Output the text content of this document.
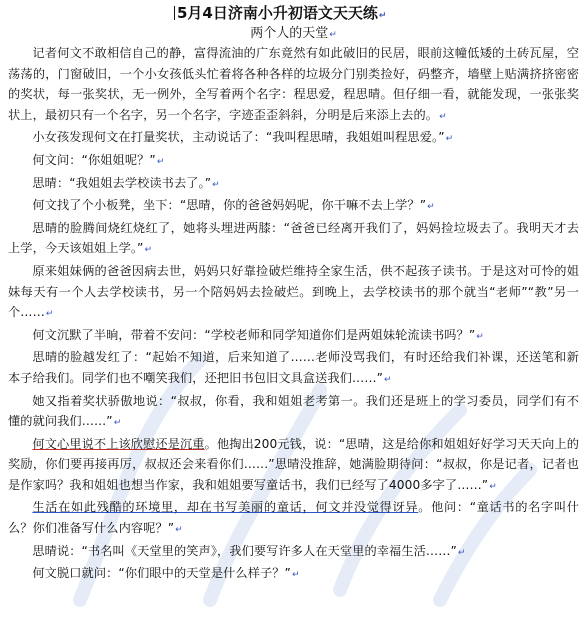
5月4日济南小升初语文天天练↵
两个人的天堂↵

记者何文不敢相信自己的静，富得流油的广东竟然有如此破旧的民居，眼前这幢低矮的土砖瓦屋，空荡荡的，门窗破旧，一个小女孩低头忙着将各种各样的垃圾分门别类捡好，码整齐，墙壁上贴满挤挤密密的奖状，每一张奖状，无一例外，全写着两个名字：程思爱，程思晴。但仔细一看，就能发现，一张张奖状上，最初只有一个名字，另一个名字，字迹歪歪斜斜，分明是后来添上去的。↵

小女孩发现何文在打量奖状，主动说话了：“我叫程思晴，我姐姐叫程思爱。”↵

何文问：“你姐姐呢？”↵

思晴：“我姐姐去学校读书去了。”↵

何文找了个小板凳，坐下：“思晴，你的爸爸妈妈呢，你干嘛不去上学？”↵

思晴的脸腾间烧红烧红了，她将头埋进两膝：“爸爸已经离开我们了，妈妈捡垃圾去了。我明天才去上学，今天该姐姐上学。”↵

原来姐妹俩的爸爸因病去世，妈妈只好靠捡破烂维持全家生活，供不起孩子读书。于是这对可怜的姐妹每天有一个人去学校读书，另一个陪妈妈去捡破烂。到晚上，去学校读书的那个就当“老师”“教”另一个……↵

何文沉默了半晌，带着不安问：“学校老师和同学知道你们是两姐妹轮流读书吗？”↵

思晴的脸越发红了：“起始不知道，后来知道了……老师没骂我们，有时还给我们补课，还送笔和新本子给我们。同学们也不嘲笑我们，还把旧书包旧文具盒送我们……”↵

她又指着奖状骄傲地说：“叔叔，你看，我和姐姐老考第一。我们还是班上的学习委员，同学们有不懂的就问我们……”↵

何文心里说不上该欣慰还是沉重。他掏出200元钱，说：“思晴，这是给你和姐姐好好学习天天向上的奖励，你们要再接再厉，叔叔还会来看你们……”思晴没推辞，她满脸期待问：“叔叔，你是记者，记者也是作家吗？我和姐姐也想当作家，我和姐姐要写童话书，我们已经写了4000多字了……”↵

生活在如此残酷的环境里，却在书写美丽的童话，何文并没觉得讶异。他问：“童话书的名字叫什么？你们准备写什么内容呢？”↵

思晴说：“书名叫《天堂里的笑声》，我们要写许多人在天堂里的幸福生活……”↵

何文脱口就问：“你们眼中的天堂是什么样子？”↵
